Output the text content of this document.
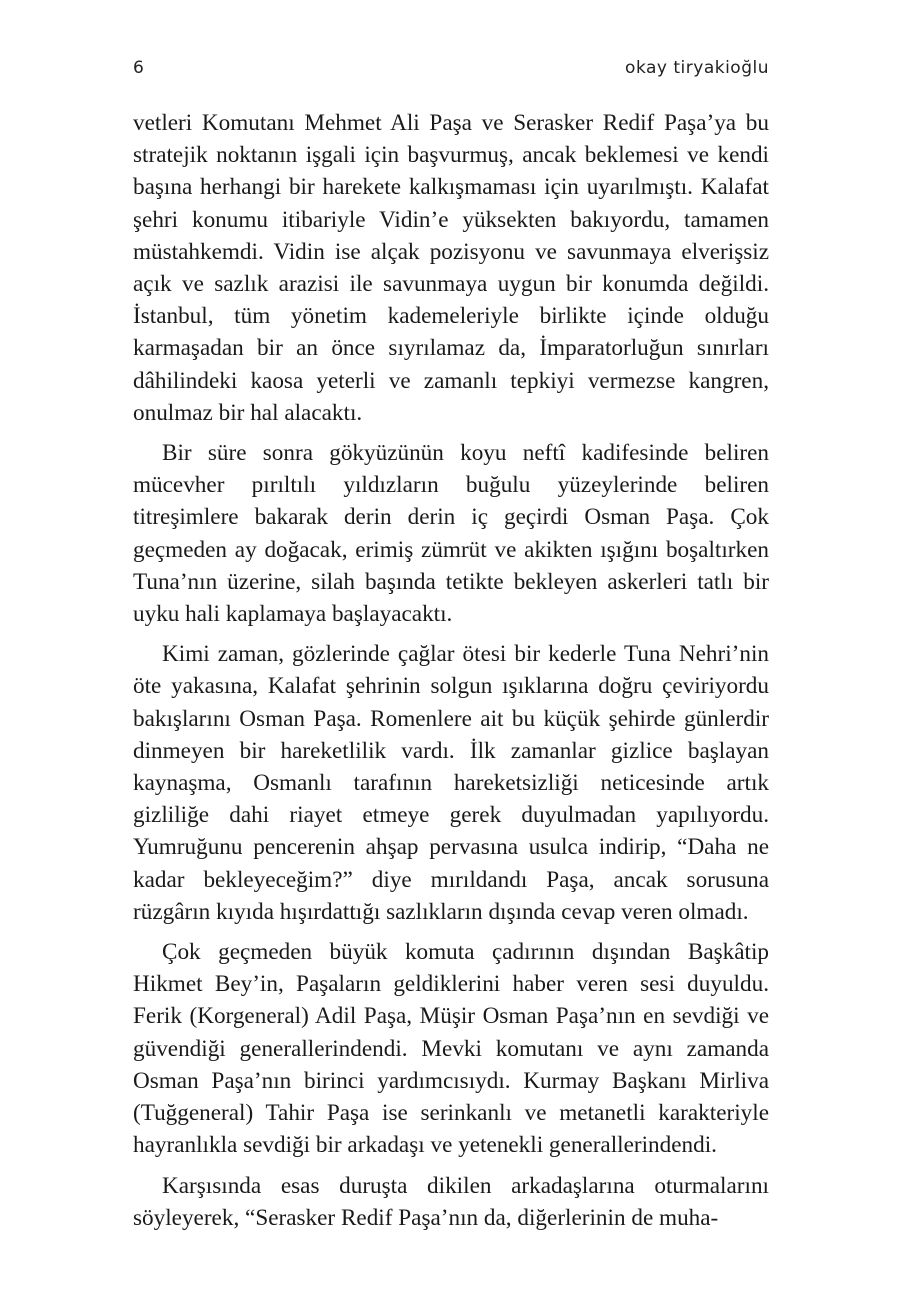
6	okay tiryakioğlu

vetleri Komutanı Mehmet Ali Paşa ve Serasker Redif Paşa’ya bu stratejik noktanın işgali için başvurmuş, ancak beklemesi ve kendi başına herhangi bir harekete kalkışmaması için uyarılmıştı. Kalafat şehri konumu itibariyle Vidin’e yüksekten bakıyordu, tamamen müstahkemdi. Vidin ise alçak pozisyonu ve savunmaya elverişsiz açık ve sazlık arazisi ile savunmaya uygun bir konumda değildi. İstanbul, tüm yönetim kademeleriyle birlikte içinde olduğu karmaşadan bir an önce sıyrılamaz da, İmparatorluğun sınırları dâhilindeki kaosa yeterli ve zamanlı tepkiyi vermezse kangren, onulmaz bir hal alacaktı.

Bir süre sonra gökyüzünün koyu neftî kadifesinde beliren mücevher pırıltılı yıldızların buğulu yüzeylerinde beliren titreşimlere bakarak derin derin iç geçirdi Osman Paşa. Çok geçmeden ay doğacak, erimiş zümrüt ve akikten ışığını boşaltırken Tuna’nın üzerine, silah başında tetikte bekleyen askerleri tatlı bir uyku hali kaplamaya başlayacaktı.

Kimi zaman, gözlerinde çağlar ötesi bir kederle Tuna Nehri’nin öte yakasına, Kalafat şehrinin solgun ışıklarına doğru çeviriyordu bakışlarını Osman Paşa. Romenlere ait bu küçük şehirde günlerdir dinmeyen bir hareketlilik vardı. İlk zamanlar gizlice başlayan kaynaşma, Osmanlı tarafının hareketsizliği neticesinde artık gizliliğe dahi riayet etmeye gerek duyulmadan yapılıyordu. Yumruğunu pencerenin ahşap pervasına usulca indirip, “Daha ne kadar bekleyeceğim?” diye mırıldandı Paşa, ancak sorusuna rüzgârın kıyıda hışırdattığı sazlıkların dışında cevap veren olmadı.

Çok geçmeden büyük komuta çadırının dışından Başkâtip Hikmet Bey’in, Paşaların geldiklerini haber veren sesi duyuldu. Ferik (Korgeneral) Adil Paşa, Müşir Osman Paşa’nın en sevdiği ve güvendiği generallerindendi. Mevki komutanı ve aynı zamanda Osman Paşa’nın birinci yardımcısıydı. Kurmay Başkanı Mirliva (Tuğgeneral) Tahir Paşa ise serinkanlı ve metanetli karakteriyle hayranlıkla sevdiği bir arkadaşı ve yetenekli generallerindendi.

Karşısında esas duruşta dikilen arkadaşlarına oturmalarını söyleyerek, “Serasker Redif Paşa’nın da, diğerlerinin de muha-
